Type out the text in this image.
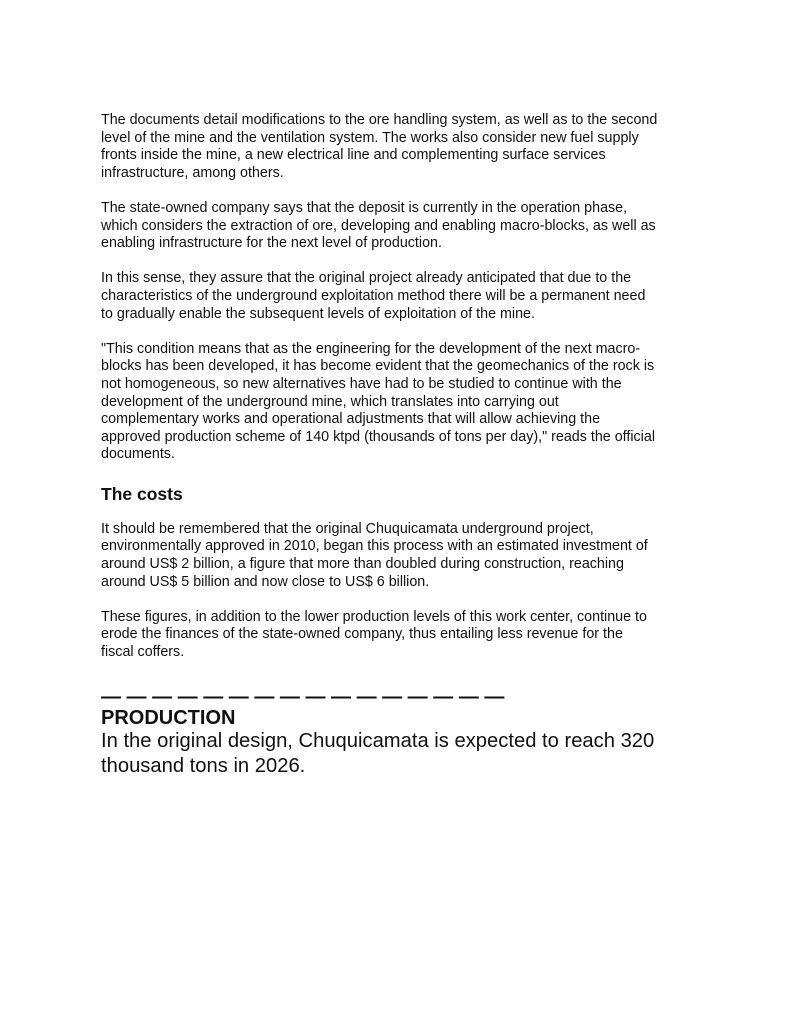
The documents detail modifications to the ore handling system, as well as to the second
level of the mine and the ventilation system. The works also consider new fuel supply
fronts inside the mine, a new electrical line and complementing surface services
infrastructure, among others.

The state-owned company says that the deposit is currently in the operation phase,
which considers the extraction of ore, developing and enabling macro-blocks, as well as
enabling infrastructure for the next level of production.

In this sense, they assure that the original project already anticipated that due to the
characteristics of the underground exploitation method there will be a permanent need
to gradually enable the subsequent levels of exploitation of the mine.

"This condition means that as the engineering for the development of the next macro-
blocks has been developed, it has become evident that the geomechanics of the rock is
not homogeneous, so new alternatives have had to be studied to continue with the
development of the underground mine, which translates into carrying out
complementary works and operational adjustments that will allow achieving the
approved production scheme of 140 ktpd (thousands of tons per day)," reads the official
documents.

The costs

It should be remembered that the original Chuquicamata underground project,
environmentally approved in 2010, began this process with an estimated investment of
around US$ 2 billion, a figure that more than doubled during construction, reaching
around US$ 5 billion and now close to US$ 6 billion.

These figures, in addition to the lower production levels of this work center, continue to
erode the finances of the state-owned company, thus entailing less revenue for the
fiscal coffers.

— — — — — — — — — — — — — — — —
PRODUCTION

In the original design, Chuquicamata is expected to reach 320
thousand tons in 2026.
